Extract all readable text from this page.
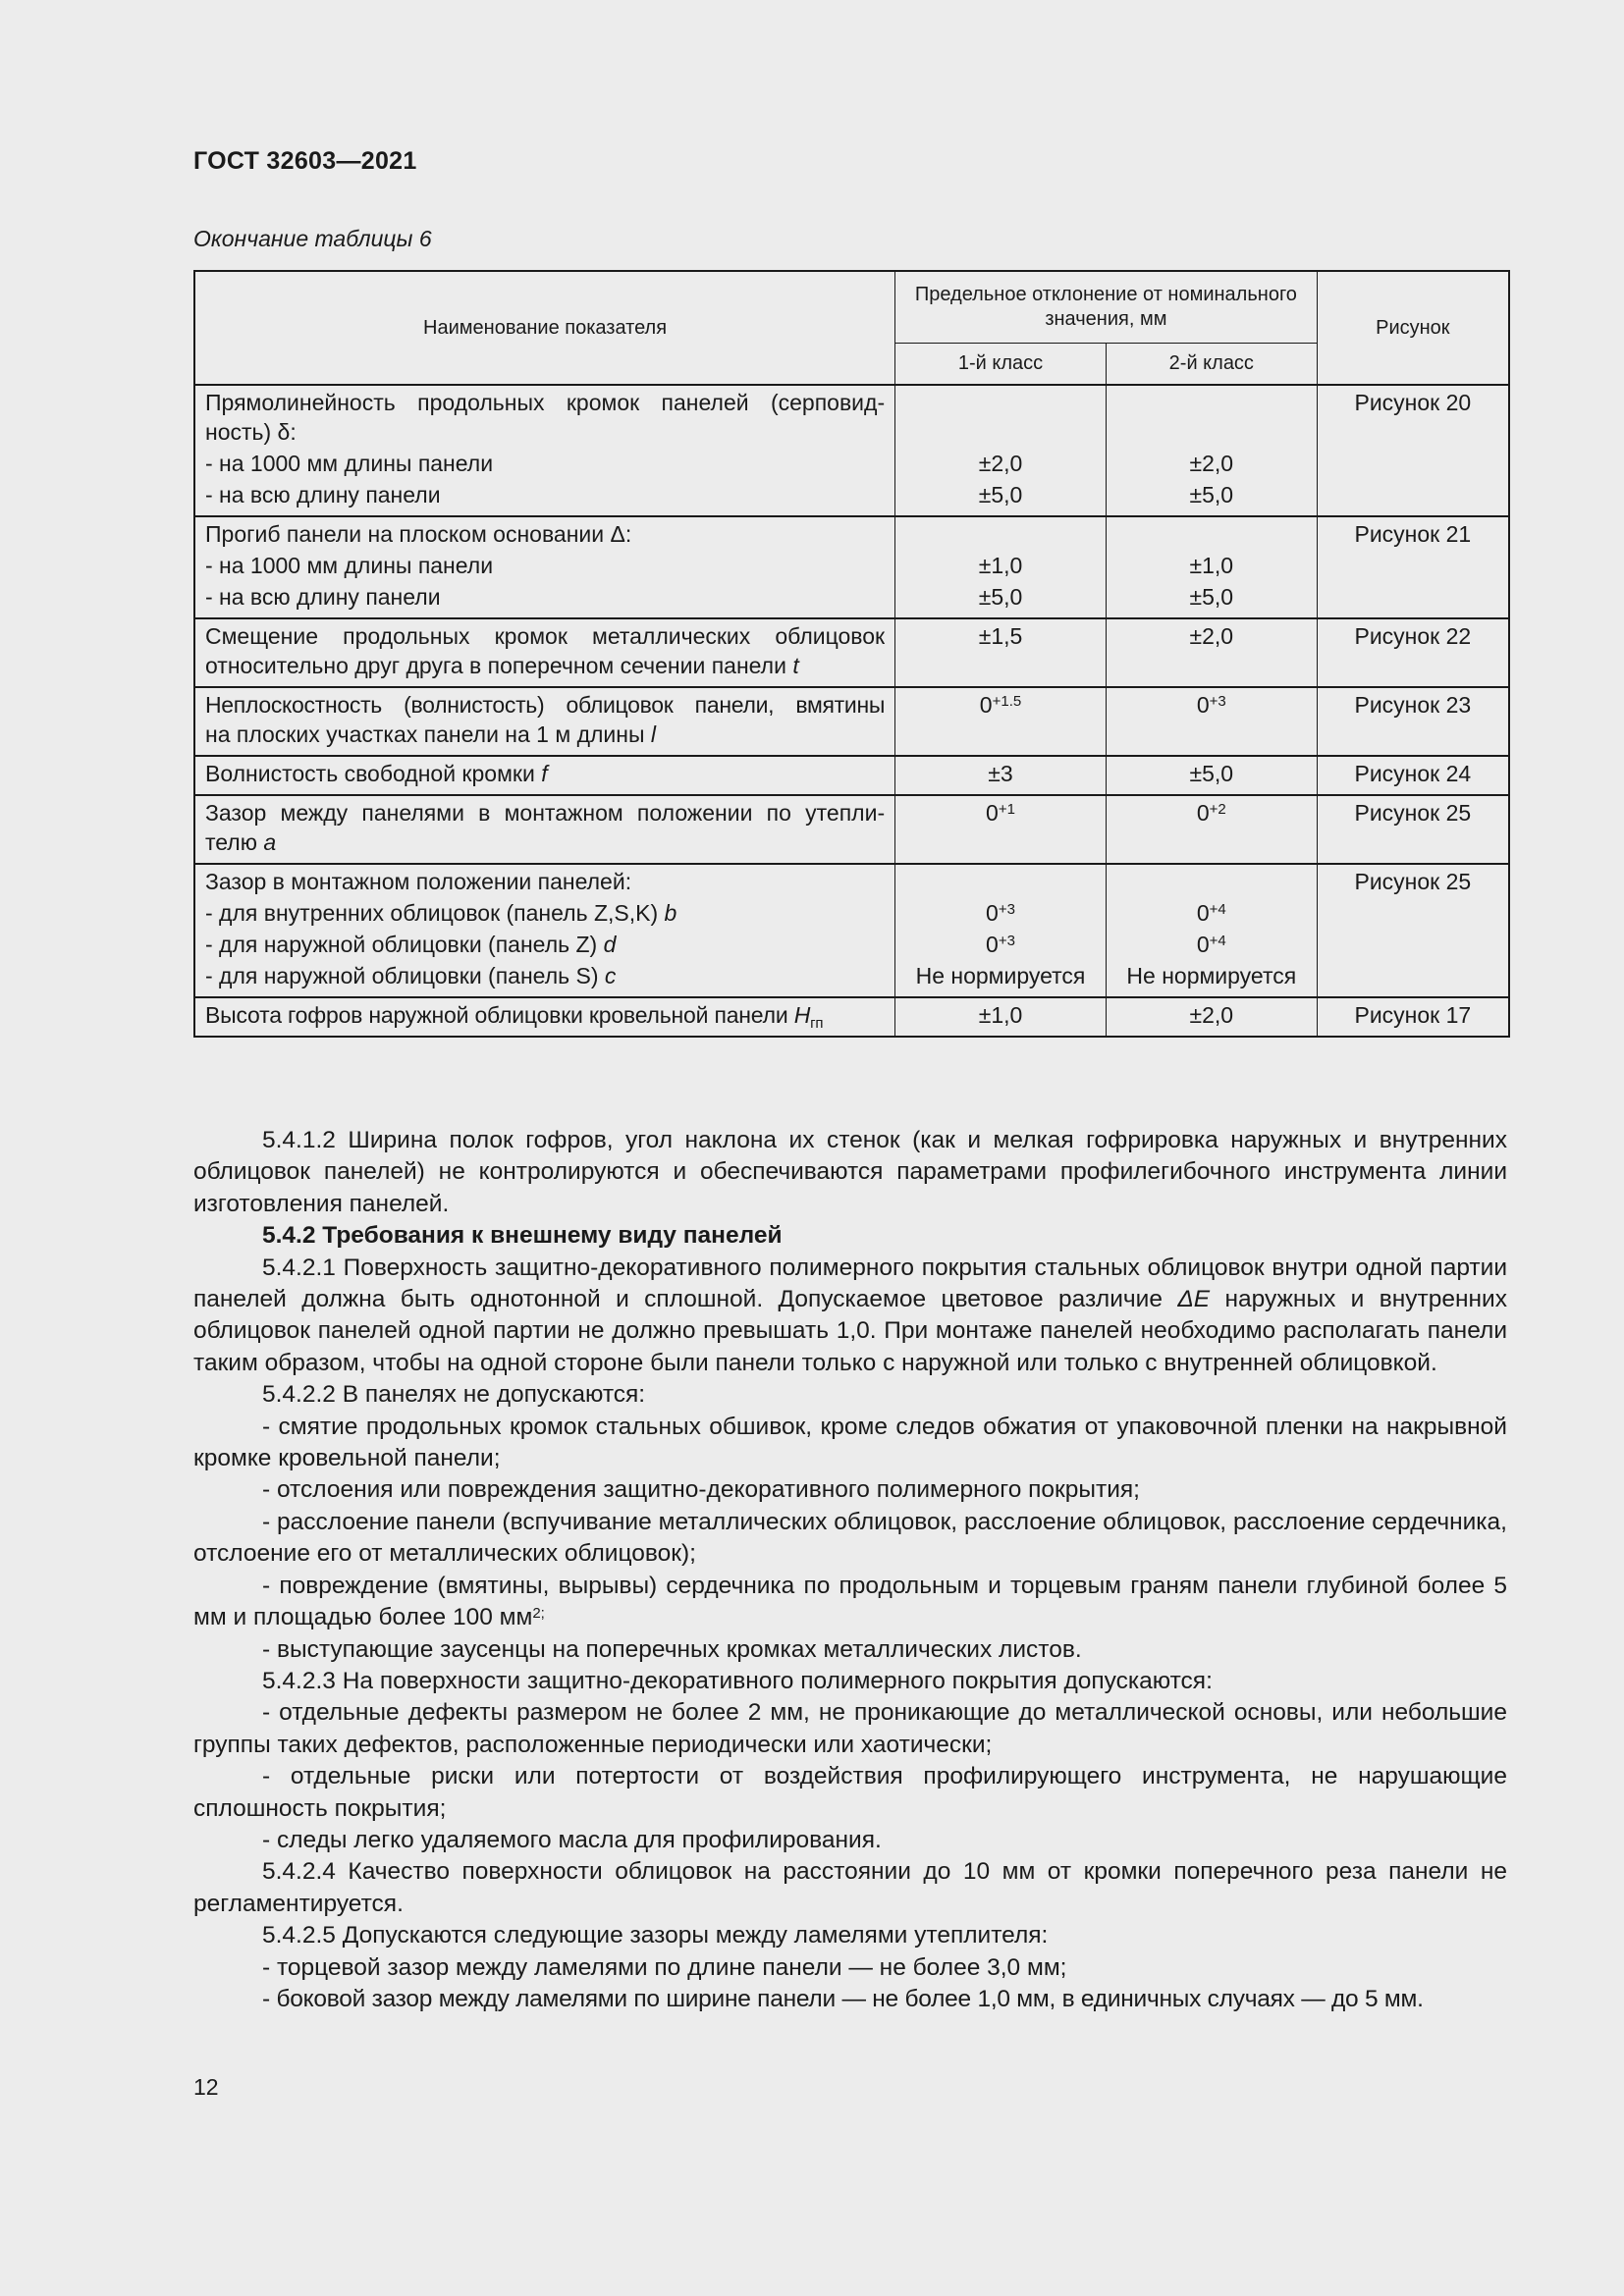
ГОСТ 32603—2021
Окончание таблицы 6
Наименование показателя	Предельное отклонение от номинального значения, мм		Рисунок
	1-й класс	2-й класс	

Прямолинейность продольных кромок панелей (серповид-
ность) δ:			Рисунок 20
- на 1000 мм длины панели	±2,0	±2,0	
- на всю длину панели	±5,0	±5,0	
Прогиб панели на плоском основании Δ:			Рисунок 21
- на 1000 мм длины панели	±1,0	±1,0	
- на всю длину панели	±5,0	±5,0	

Смещение продольных кромок металлических облицовок
относительно друг друга в поперечном сечении панели t	±1,5	±2,0	Рисунок 22

Неплоскостность (волнистость) облицовок панели, вмятины
на плоских участках панели на 1 м длины l	$0^{+1.5}$	$0^{+3}$	Рисунок 23
Волнистость свободной кромки f	±3	±5,0	Рисунок 24

Зазор между панелями в монтажном положении по утепли-
телю a	$0^{+1}$	$0^{+2}$	Рисунок 25
Зазор в монтажном положении панелей:			Рисунок 25
- для внутренних облицовок (панель Z,S,K) b	$0^{+3}$	$0^{+4}$
- для наружной облицовки (панель Z) d	$0^{+3}$	$0^{+4}$
- для наружной облицовки (панель S) c	Не нормируется	Не нормируется	
Высота гофров наружной облицовки кровельной панели $H_{гп}$	±1,0	±2,0	Рисунок 17

5.4.1.2 Ширина полок гофров, угол наклона их стенок (как и мелкая гофрировка наружных и внутренних облицовок панелей) не контролируются и обеспечиваются параметрами профилегибочного инструмента линии изготовления панелей.

5.4.2 Требования к внешнему виду панелей

5.4.2.1 Поверхность защитно-декоративного полимерного покрытия стальных облицовок внутри одной партии панелей должна быть однотонной и сплошной. Допускаемое цветовое различие ΔE наружных и внутренних облицовок панелей одной партии не должно превышать 1,0. При монтаже панелей необходимо располагать панели таким образом, чтобы на одной стороне были панели только с наружной или только с внутренней облицовкой.

5.4.2.2 В панелях не допускаются:

- смятие продольных кромок стальных обшивок, кроме следов обжатия от упаковочной пленки на накрывной кромке кровельной панели;

- отслоения или повреждения защитно-декоративного полимерного покрытия;

- расслоение панели (вспучивание металлических облицовок, расслоение облицовок, расслоение сердечника, отслоение его от металлических облицовок);

- повреждение (вмятины, вырывы) сердечника по продольным и торцевым граням панели глубиной более 5 мм и площадью более 100 $мм^{2;}$

- выступающие заусенцы на поперечных кромках металлических листов.

5.4.2.3 На поверхности защитно-декоративного полимерного покрытия допускаются:

- отдельные дефекты размером не более 2 мм, не проникающие до металлической основы, или небольшие группы таких дефектов, расположенные периодически или хаотически;

- отдельные риски или потертости от воздействия профилирующего инструмента, не нарушающие сплошность покрытия;

- следы легко удаляемого масла для профилирования.

5.4.2.4 Качество поверхности облицовок на расстоянии до 10 мм от кромки поперечного реза панели не регламентируется.

5.4.2.5 Допускаются следующие зазоры между ламелями утеплителя:

- торцевой зазор между ламелями по длине панели — не более 3,0 мм;

- боковой зазор между ламелями по ширине панели — не более 1,0 мм, в единичных случаях — до 5 мм.

12
